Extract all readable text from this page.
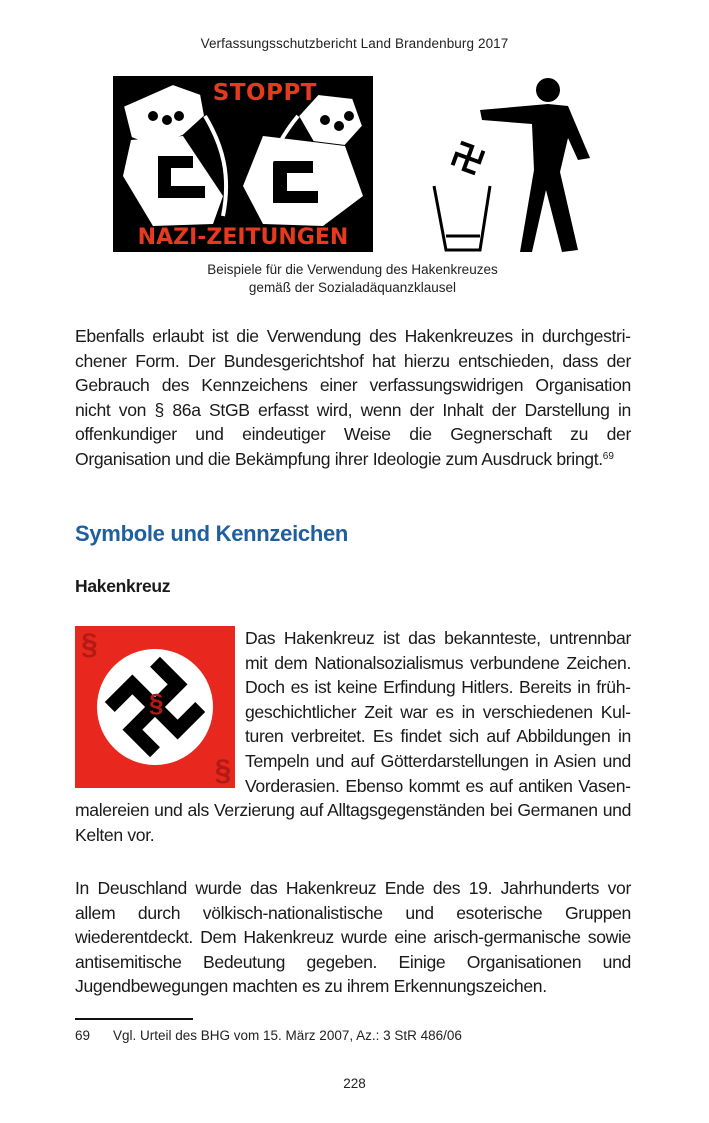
Verfassungsschutzbericht Land Brandenburg 2017
STOPPT
NAZI-ZEITUNGEN
Beispiele für die Verwendung des Hakenkreuzes
gemäß der Sozialadäquanzklausel

Ebenfalls erlaubt ist die Verwendung des Hakenkreuzes in durchgestrichener Form. Der Bundesgerichtshof hat hierzu entschieden, dass der Gebrauch des Kennzeichens einer verfassungswidrigen Organisation nicht von § 86a StGB erfasst wird, wenn der Inhalt der Darstellung in offenkundiger und eindeutiger Weise die Gegnerschaft zu der Organisation und die Bekämpfung ihrer Ideologie zum Ausdruck bringt.$^{69}$

Symbole und Kennzeichen
Hakenkreuz
§
§
§
Das Hakenkreuz ist das bekannteste, untrennbar mit dem Nationalsozialismus verbundene Zeichen. Doch es ist keine Erfindung Hitlers. Bereits in frühgeschichtlicher Zeit war es in verschiedenen Kulturen verbreitet. Es findet sich auf Abbildungen in Tempeln und auf Götterdarstellungen in Asien und Vorderasien. Ebenso kommt es auf antiken Vasenmalereien und als Verzierung auf Alltagsgegenständen bei Germanen und Kelten vor.

In Deuschland wurde das Hakenkreuz Ende des 19. Jahrhunderts vor allem durch völkisch-nationalistische und esoterische Gruppen wiederentdeckt. Dem Hakenkreuz wurde eine arisch-germanische sowie antisemitische Bedeutung gegeben. Einige Organisationen und Jugendbewegungen machten es zu ihrem Erkennungszeichen.

69 Vgl. Urteil des BHG vom 15. März 2007, Az.: 3 StR 486/06
228
